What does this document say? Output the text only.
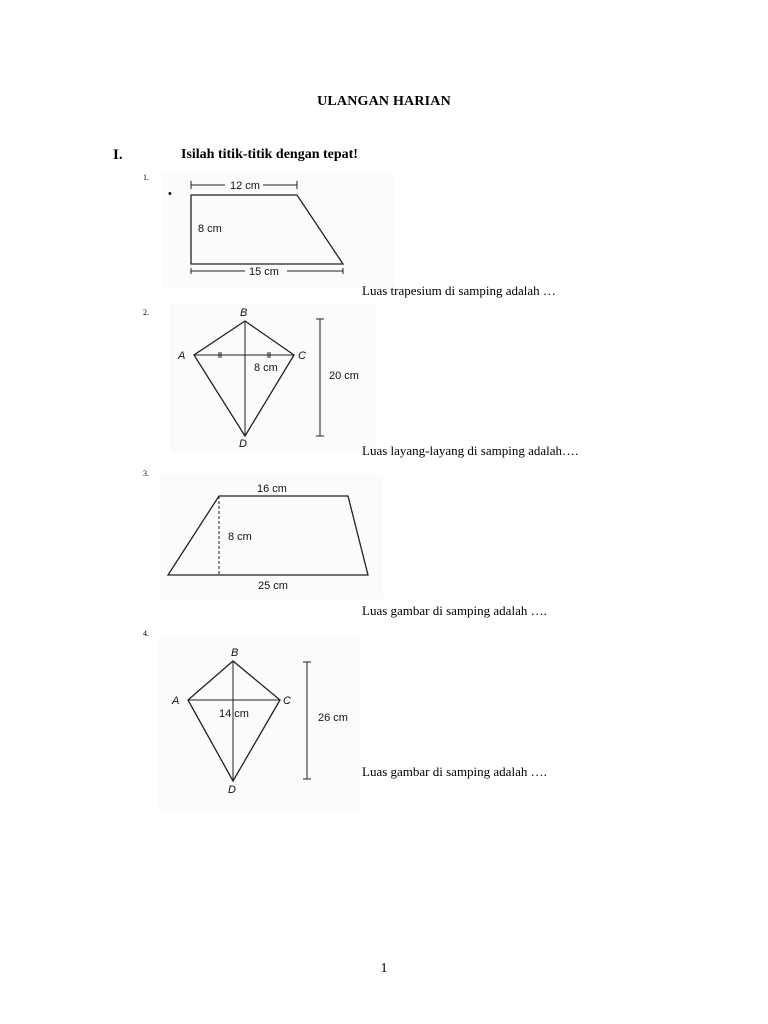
ULANGAN HARIAN
I.	Isilah titik-titik dengan tepat!
1.
•
12 cm
8 cm
15 cm
Luas trapesium di samping adalah …
2.	B
A	C
D
8 cm
20 cm
Luas layang-layang di samping adalah….
3.
16 cm
8 cm
25 cm
Luas gambar di samping adalah ….
4.
B
A	C
D
14 cm	26 cm
Luas gambar di samping adalah ….
1
